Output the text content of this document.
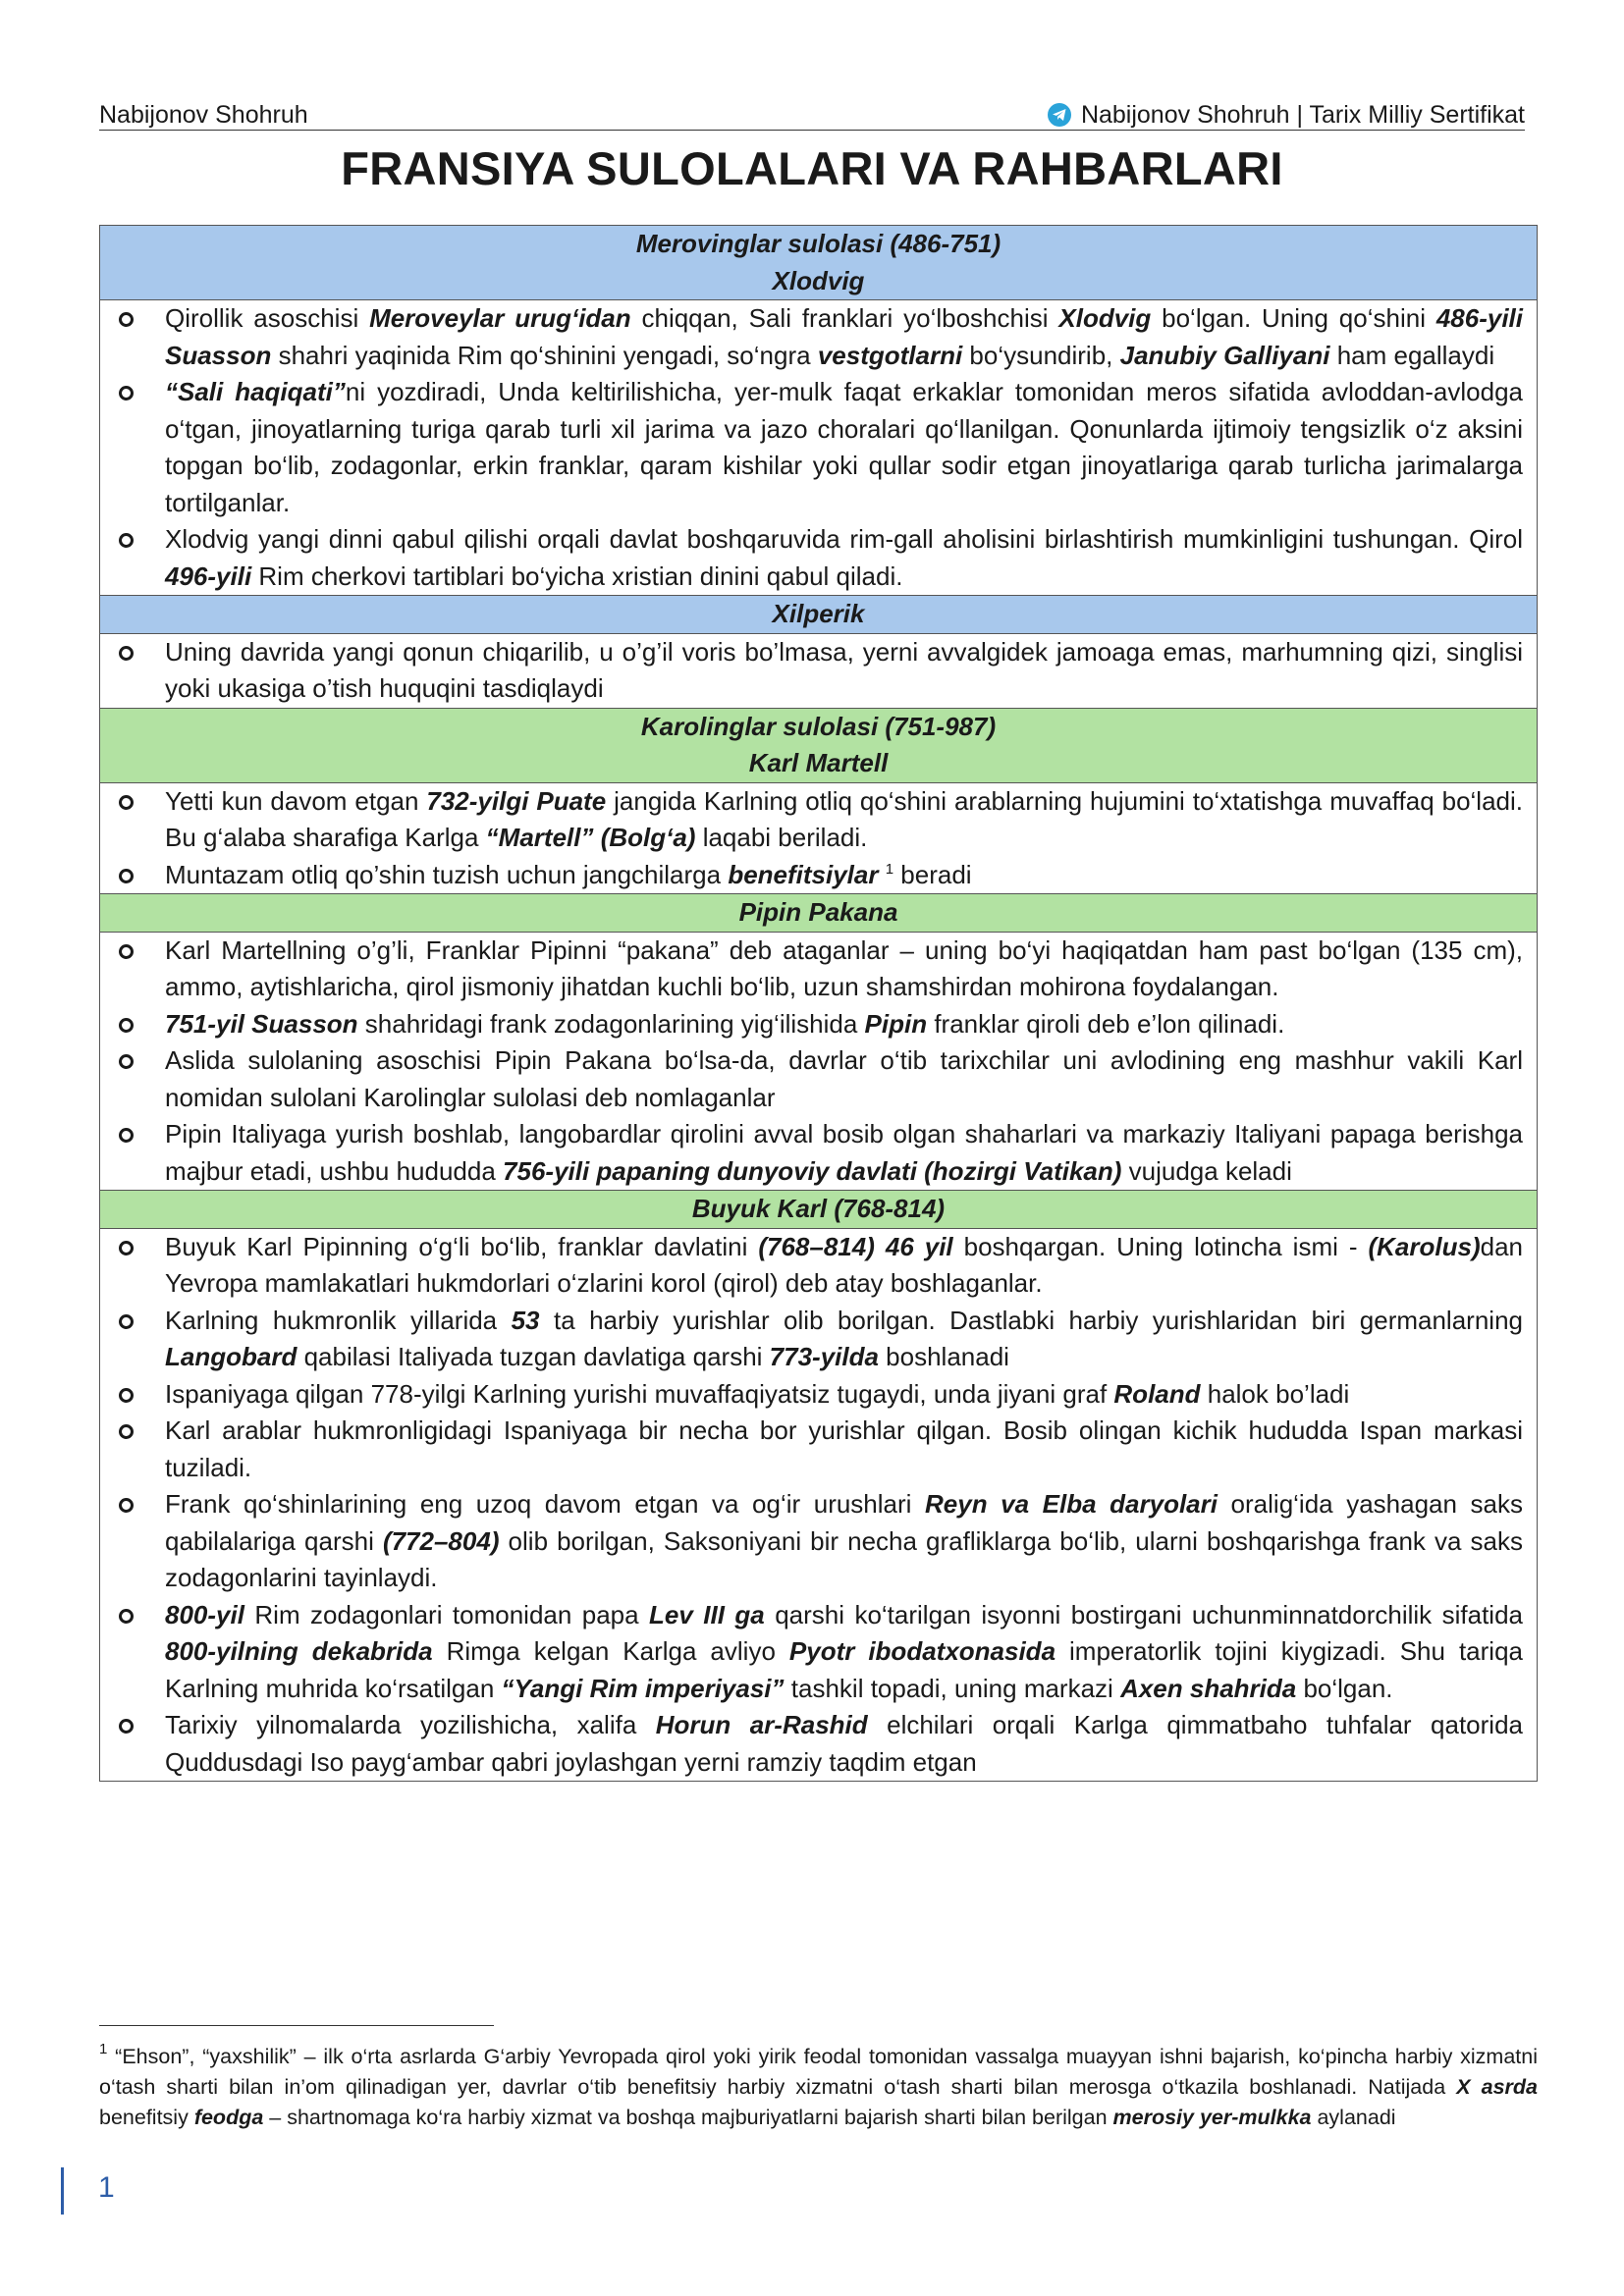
Nabijonov Shohruh	Nabijonov Shohruh | Tarix Milliy Sertifikat
FRANSIYA SULOLALARI VA RAHBARLARI
Merovinglar sulolasi (486-751)
Xlodvig
Qirollik asoschisi Meroveylar urug‘idan chiqqan, Sali franklari yo‘lboshchisi Xlodvig bo‘lgan. Uning qo‘shini 486-yili Suasson shahri yaqinida Rim qo‘shinini yengadi, so‘ngra vestgotlarni bo‘ysundirib, Janubiy Galliyani ham egallaydi
“Sali haqiqati”ni yozdiradi, Unda keltirilishicha, yer-mulk faqat erkaklar tomonidan meros sifatida avloddan-avlodga o‘tgan, jinoyatlarning turiga qarab turli xil jarima va jazo choralari qo‘llanilgan. Qonunlarda ijtimoiy tengsizlik o‘z aksini topgan bo‘lib, zodagonlar, erkin franklar, qaram kishilar yoki qullar sodir etgan jinoyatlariga qarab turlicha jarimalarga tortilganlar.
Xlodvig yangi dinni qabul qilishi orqali davlat boshqaruvida rim-gall aholisini birlashtirish mumkinligini tushungan. Qirol 496-yili Rim cherkovi tartiblari bo‘yicha xristian dinini qabul qiladi.
Xilperik
Uning davrida yangi qonun chiqarilib, u o’g’il voris bo’lmasa, yerni avvalgidek jamoaga emas, marhumning qizi, singlisi yoki ukasiga o’tish huquqini tasdiqlaydi
Karolinglar sulolasi (751-987)
Karl Martell
Yetti kun davom etgan 732-yilgi Puate jangida Karlning otliq qo‘shini arablarning hujumini to‘xtatishga muvaffaq bo‘ladi. Bu g‘alaba sharafiga Karlga “Martell” (Bolg‘a) laqabi beriladi.
Muntazam otliq qo’shin tuzish uchun jangchilarga benefitsiylar $^1$ beradi
Pipin Pakana
Karl Martellning o’g’li, Franklar Pipinni “pakana” deb ataganlar – uning bo‘yi haqiqatdan ham past bo‘lgan (135 cm), ammo, aytishlaricha, qirol jismoniy jihatdan kuchli bo‘lib, uzun shamshirdan mohirona foydalangan.
751-yil Suasson shahridagi frank zodagonlarining yig‘ilishida Pipin franklar qiroli deb e’lon qilinadi.
Aslida sulolaning asoschisi Pipin Pakana bo‘lsa-da, davrlar o‘tib tarixchilar uni avlodining eng mashhur vakili Karl nomidan sulolani Karolinglar sulolasi deb nomlaganlar
Pipin Italiyaga yurish boshlab, langobardlar qirolini avval bosib olgan shaharlari va markaziy Italiyani papaga berishga majbur etadi, ushbu hududda 756-yili papaning dunyoviy davlati (hozirgi Vatikan) vujudga keladi
Buyuk Karl (768-814)
Buyuk Karl Pipinning o‘g‘li bo‘lib, franklar davlatini (768–814) 46 yil boshqargan. Uning lotincha ismi - (Karolus)dan Yevropa mamlakatlari hukmdorlari o‘zlarini korol (qirol) deb atay boshlaganlar.
Karlning hukmronlik yillarida 53 ta harbiy yurishlar olib borilgan. Dastlabki harbiy yurishlaridan biri germanlarning Langobard qabilasi Italiyada tuzgan davlatiga qarshi 773-yilda boshlanadi
Ispaniyaga qilgan 778-yilgi Karlning yurishi muvaffaqiyatsiz tugaydi, unda jiyani graf Roland halok bo’ladi
Karl arablar hukmronligidagi Ispaniyaga bir necha bor yurishlar qilgan. Bosib olingan kichik hududda Ispan markasi tuziladi.
Frank qo‘shinlarining eng uzoq davom etgan va og‘ir urushlari Reyn va Elba daryolari oralig‘ida yashagan saks qabilalariga qarshi (772–804) olib borilgan, Saksoniyani bir necha grafliklarga bo‘lib, ularni boshqarishga frank va saks zodagonlarini tayinlaydi.
800-yil Rim zodagonlari tomonidan papa Lev III ga qarshi ko‘tarilgan isyonni bostirgani uchunminnatdorchilik sifatida 800-yilning dekabrida Rimga kelgan Karlga avliyo Pyotr ibodatxonasida imperatorlik tojini kiygizadi. Shu tariqa Karlning muhrida ko‘rsatilgan “Yangi Rim imperiyasi” tashkil topadi, uning markazi Axen shahrida bo‘lgan.
Tarixiy yilnomalarda yozilishicha, xalifa Horun ar-Rashid elchilari orqali Karlga qimmatbaho tuhfalar qatorida Quddusdagi Iso payg‘ambar qabri joylashgan yerni ramziy taqdim etgan
$^1$ “Ehson”, “yaxshilik” – ilk o‘rta asrlarda G‘arbiy Yevropada qirol yoki yirik feodal tomonidan vassalga muayyan ishni bajarish, ko‘pincha harbiy xizmatni o‘tash sharti bilan in’om qilinadigan yer, davrlar o‘tib benefitsiy harbiy xizmatni o‘tash sharti bilan merosga o‘tkazila boshlanadi. Natijada X asrda benefitsiy feodga – shartnomaga ko‘ra harbiy xizmat va boshqa majburiyatlarni bajarish sharti bilan berilgan merosiy yer-mulkka aylanadi
1
